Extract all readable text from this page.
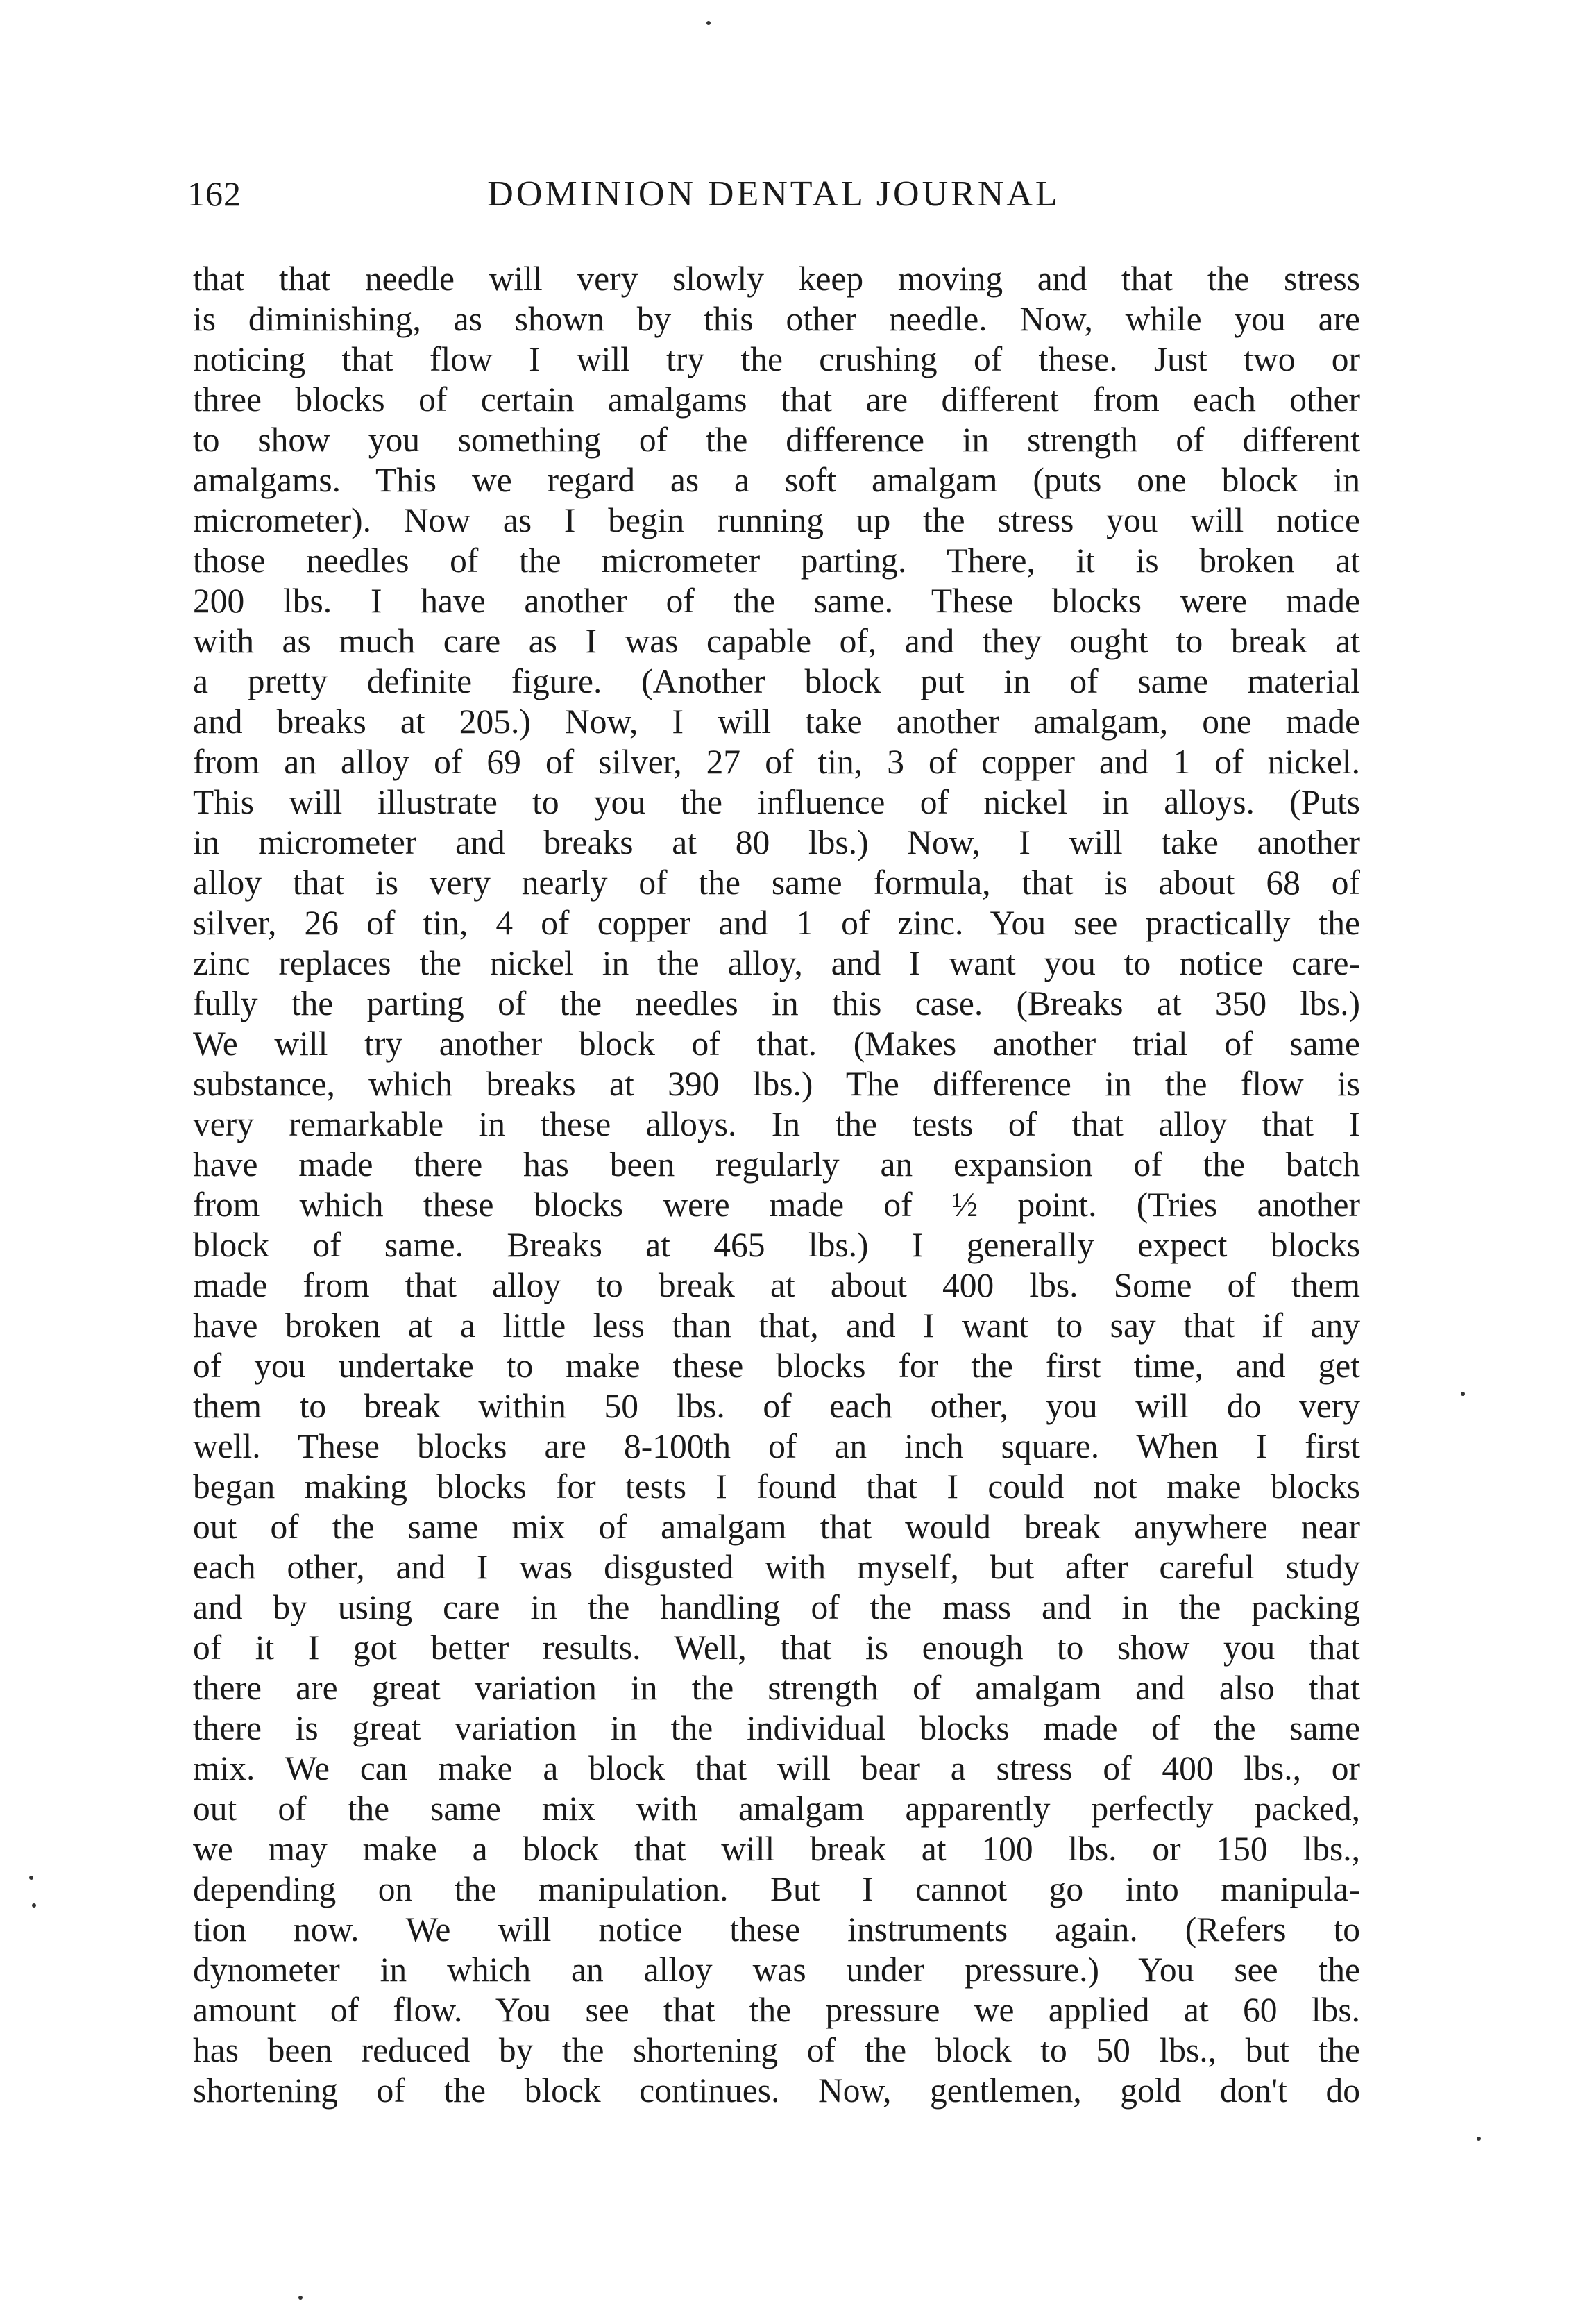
162	DOMINION DENTAL JOURNAL
that that needle will very slowly keep moving and that the stress
is diminishing, as shown by this other needle. Now, while you are
noticing that flow I will try the crushing of these. Just two or
three blocks of certain amalgams that are different from each other
to show you something of the difference in strength of different
amalgams. This we regard as a soft amalgam (puts one block in
micrometer). Now as I begin running up the stress you will notice
those needles of the micrometer parting. There, it is broken at
200 lbs. I have another of the same. These blocks were made
with as much care as I was capable of, and they ought to break at
a pretty definite figure. (Another block put in of same material
and breaks at 205.) Now, I will take another amalgam, one made
from an alloy of 69 of silver, 27 of tin, 3 of copper and 1 of nickel.
This will illustrate to you the influence of nickel in alloys. (Puts
in micrometer and breaks at 80 lbs.) Now, I will take another
alloy that is very nearly of the same formula, that is about 68 of
silver, 26 of tin, 4 of copper and 1 of zinc. You see practically the
zinc replaces the nickel in the alloy, and I want you to notice care-
fully the parting of the needles in this case. (Breaks at 350 lbs.)
We will try another block of that. (Makes another trial of same
substance, which breaks at 390 lbs.) The difference in the flow is
very remarkable in these alloys. In the tests of that alloy that I
have made there has been regularly an expansion of the batch
from which these blocks were made of ½ point. (Tries another
block of same. Breaks at 465 lbs.) I generally expect blocks
made from that alloy to break at about 400 lbs. Some of them
have broken at a little less than that, and I want to say that if any
of you undertake to make these blocks for the first time, and get
them to break within 50 lbs. of each other, you will do very
well. These blocks are 8-100th of an inch square. When I first
began making blocks for tests I found that I could not make blocks
out of the same mix of amalgam that would break anywhere near
each other, and I was disgusted with myself, but after careful study
and by using care in the handling of the mass and in the packing
of it I got better results. Well, that is enough to show you that
there are great variation in the strength of amalgam and also that
there is great variation in the individual blocks made of the same
mix. We can make a block that will bear a stress of 400 lbs., or
out of the same mix with amalgam apparently perfectly packed,
we may make a block that will break at 100 lbs. or 150 lbs.,
depending on the manipulation. But I cannot go into manipula-
tion now. We will notice these instruments again. (Refers to
dynometer in which an alloy was under pressure.) You see the
amount of flow. You see that the pressure we applied at 60 lbs.
has been reduced by the shortening of the block to 50 lbs., but the
shortening of the block continues. Now, gentlemen, gold don't do
